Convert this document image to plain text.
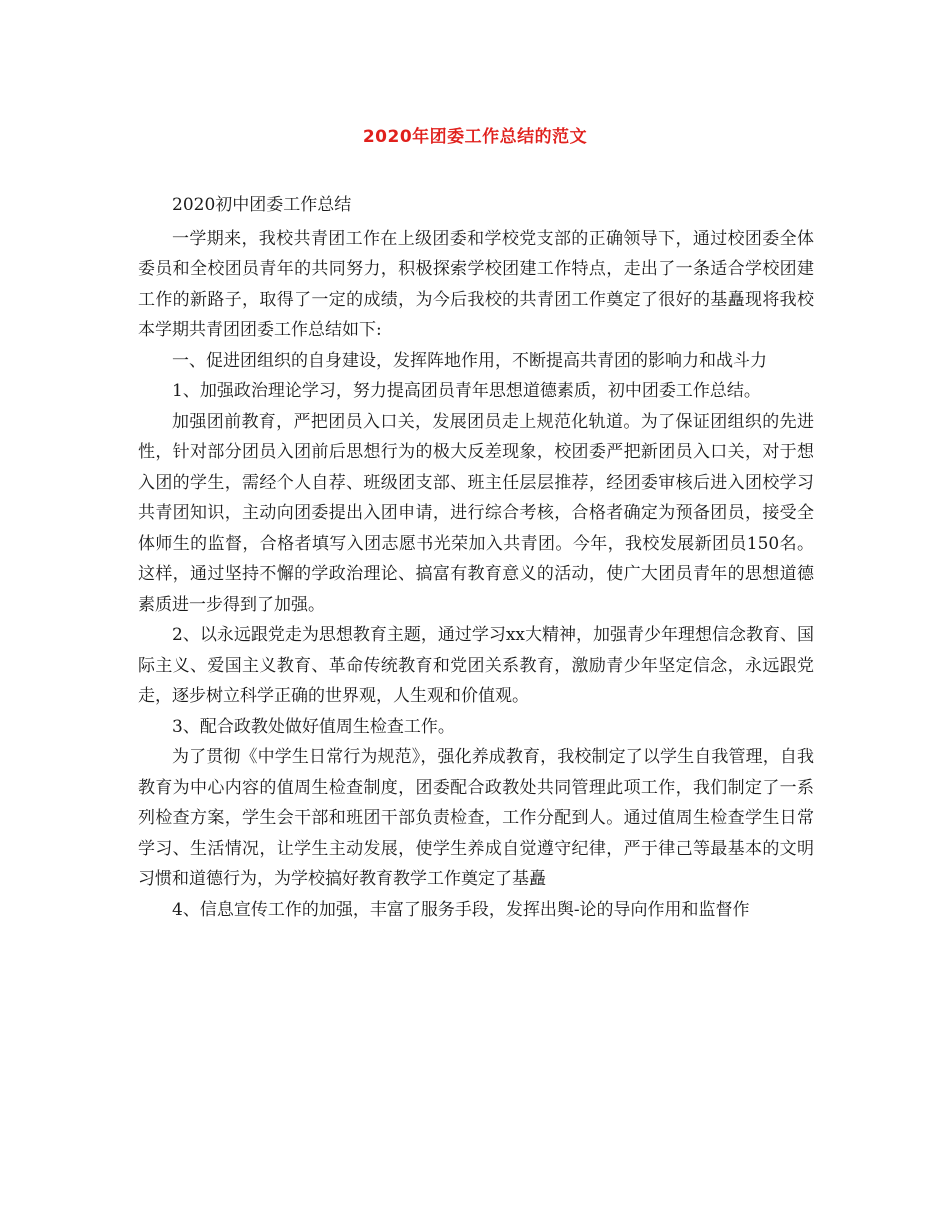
2020年团委工作总结的范文

2020初中团委工作总结

一学期来，我校共青团工作在上级团委和学校党支部的正确领导下，通过校团委全体委员和全校团员青年的共同努力，积极探索学校团建工作特点，走出了一条适合学校团建工作的新路子，取得了一定的成绩，为今后我校的共青团工作奠定了很好的基矗现将我校本学期共青团团委工作总结如下:

一、促进团组织的自身建设，发挥阵地作用，不断提高共青团的影响力和战斗力

1、加强政治理论学习，努力提高团员青年思想道德素质，初中团委工作总结。

加强团前教育，严把团员入口关，发展团员走上规范化轨道。为了保证团组织的先进性，针对部分团员入团前后思想行为的极大反差现象，校团委严把新团员入口关，对于想入团的学生，需经个人自荐、班级团支部、班主任层层推荐，经团委审核后进入团校学习共青团知识，主动向团委提出入团申请，进行综合考核，合格者确定为预备团员，接受全体师生的监督，合格者填写入团志愿书光荣加入共青团。今年，我校发展新团员150名。这样，通过坚持不懈的学政治理论、搞富有教育意义的活动，使广大团员青年的思想道德素质进一步得到了加强。

2、以永远跟党走为思想教育主题，通过学习xx大精神，加强青少年理想信念教育、国际主义、爱国主义教育、革命传统教育和党团关系教育，激励青少年坚定信念，永远跟党走，逐步树立科学正确的世界观，人生观和价值观。

3、配合政教处做好值周生检查工作。

为了贯彻《中学生日常行为规范》，强化养成教育，我校制定了以学生自我管理，自我教育为中心内容的值周生检查制度，团委配合政教处共同管理此项工作，我们制定了一系列检查方案，学生会干部和班团干部负责检查，工作分配到人。通过值周生检查学生日常学习、生活情况，让学生主动发展，使学生养成自觉遵守纪律，严于律己等最基本的文明习惯和道德行为，为学校搞好教育教学工作奠定了基矗

4、信息宣传工作的加强，丰富了服务手段，发挥出舆-论的导向作用和监督作
